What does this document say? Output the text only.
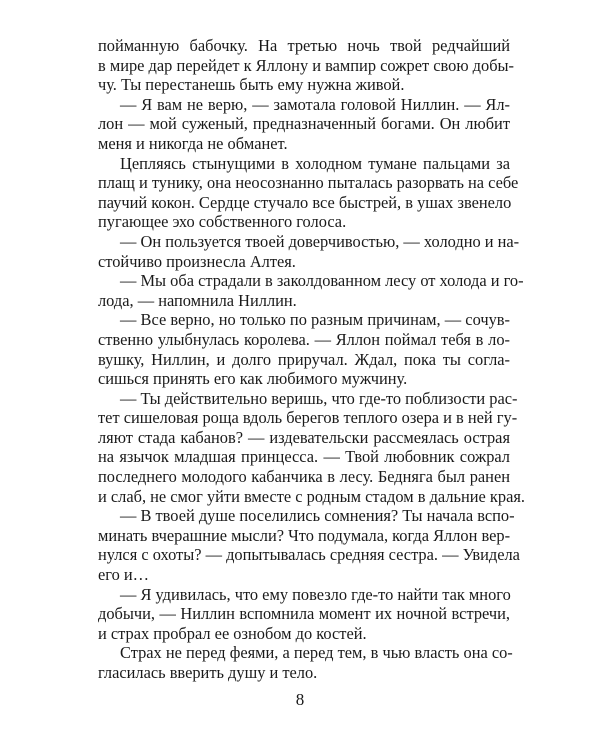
пойманную бабочку. На третью ночь твой редчайший
в мире дар перейдет к Яллону и вампир сожрет свою добы-
чу. Ты перестанешь быть ему нужна живой.
— Я вам не верю, — замотала головой Ниллин. — Ял-
лон — мой суженый, предназначенный богами. Он любит
меня и никогда не обманет.
Цепляясь стынущими в холодном тумане пальцами за
плащ и тунику, она неосознанно пыталась разорвать на себе
паучий кокон. Сердце стучало все быстрей, в ушах звенело
пугающее эхо собственного голоса.
— Он пользуется твоей доверчивостью, — холодно и на-
стойчиво произнесла Алтея.
— Мы оба страдали в заколдованном лесу от холода и го-
лода, — напомнила Ниллин.
— Все верно, но только по разным причинам, — сочув-
ственно улыбнулась королева. — Яллон поймал тебя в ло-
вушку, Ниллин, и долго приручал. Ждал, пока ты согла-
сишься принять его как любимого мужчину.
— Ты действительно веришь, что где-то поблизости рас-
тет сишеловая роща вдоль берегов теплого озера и в ней гу-
ляют стада кабанов? — издевательски рассмеялась острая
на язычок младшая принцесса. — Твой любовник сожрал
последнего молодого кабанчика в лесу. Бедняга был ранен
и слаб, не смог уйти вместе с родным стадом в дальние края.
— В твоей душе поселились сомнения? Ты начала вспо-
минать вчерашние мысли? Что подумала, когда Яллон вер-
нулся с охоты? — допытывалась средняя сестра. — Увидела
его и…
— Я удивилась, что ему повезло где-то найти так много
добычи, — Ниллин вспомнила момент их ночной встречи,
и страх пробрал ее ознобом до костей.
Страх не перед феями, а перед тем, в чью власть она со-
гласилась вверить душу и тело.
8
